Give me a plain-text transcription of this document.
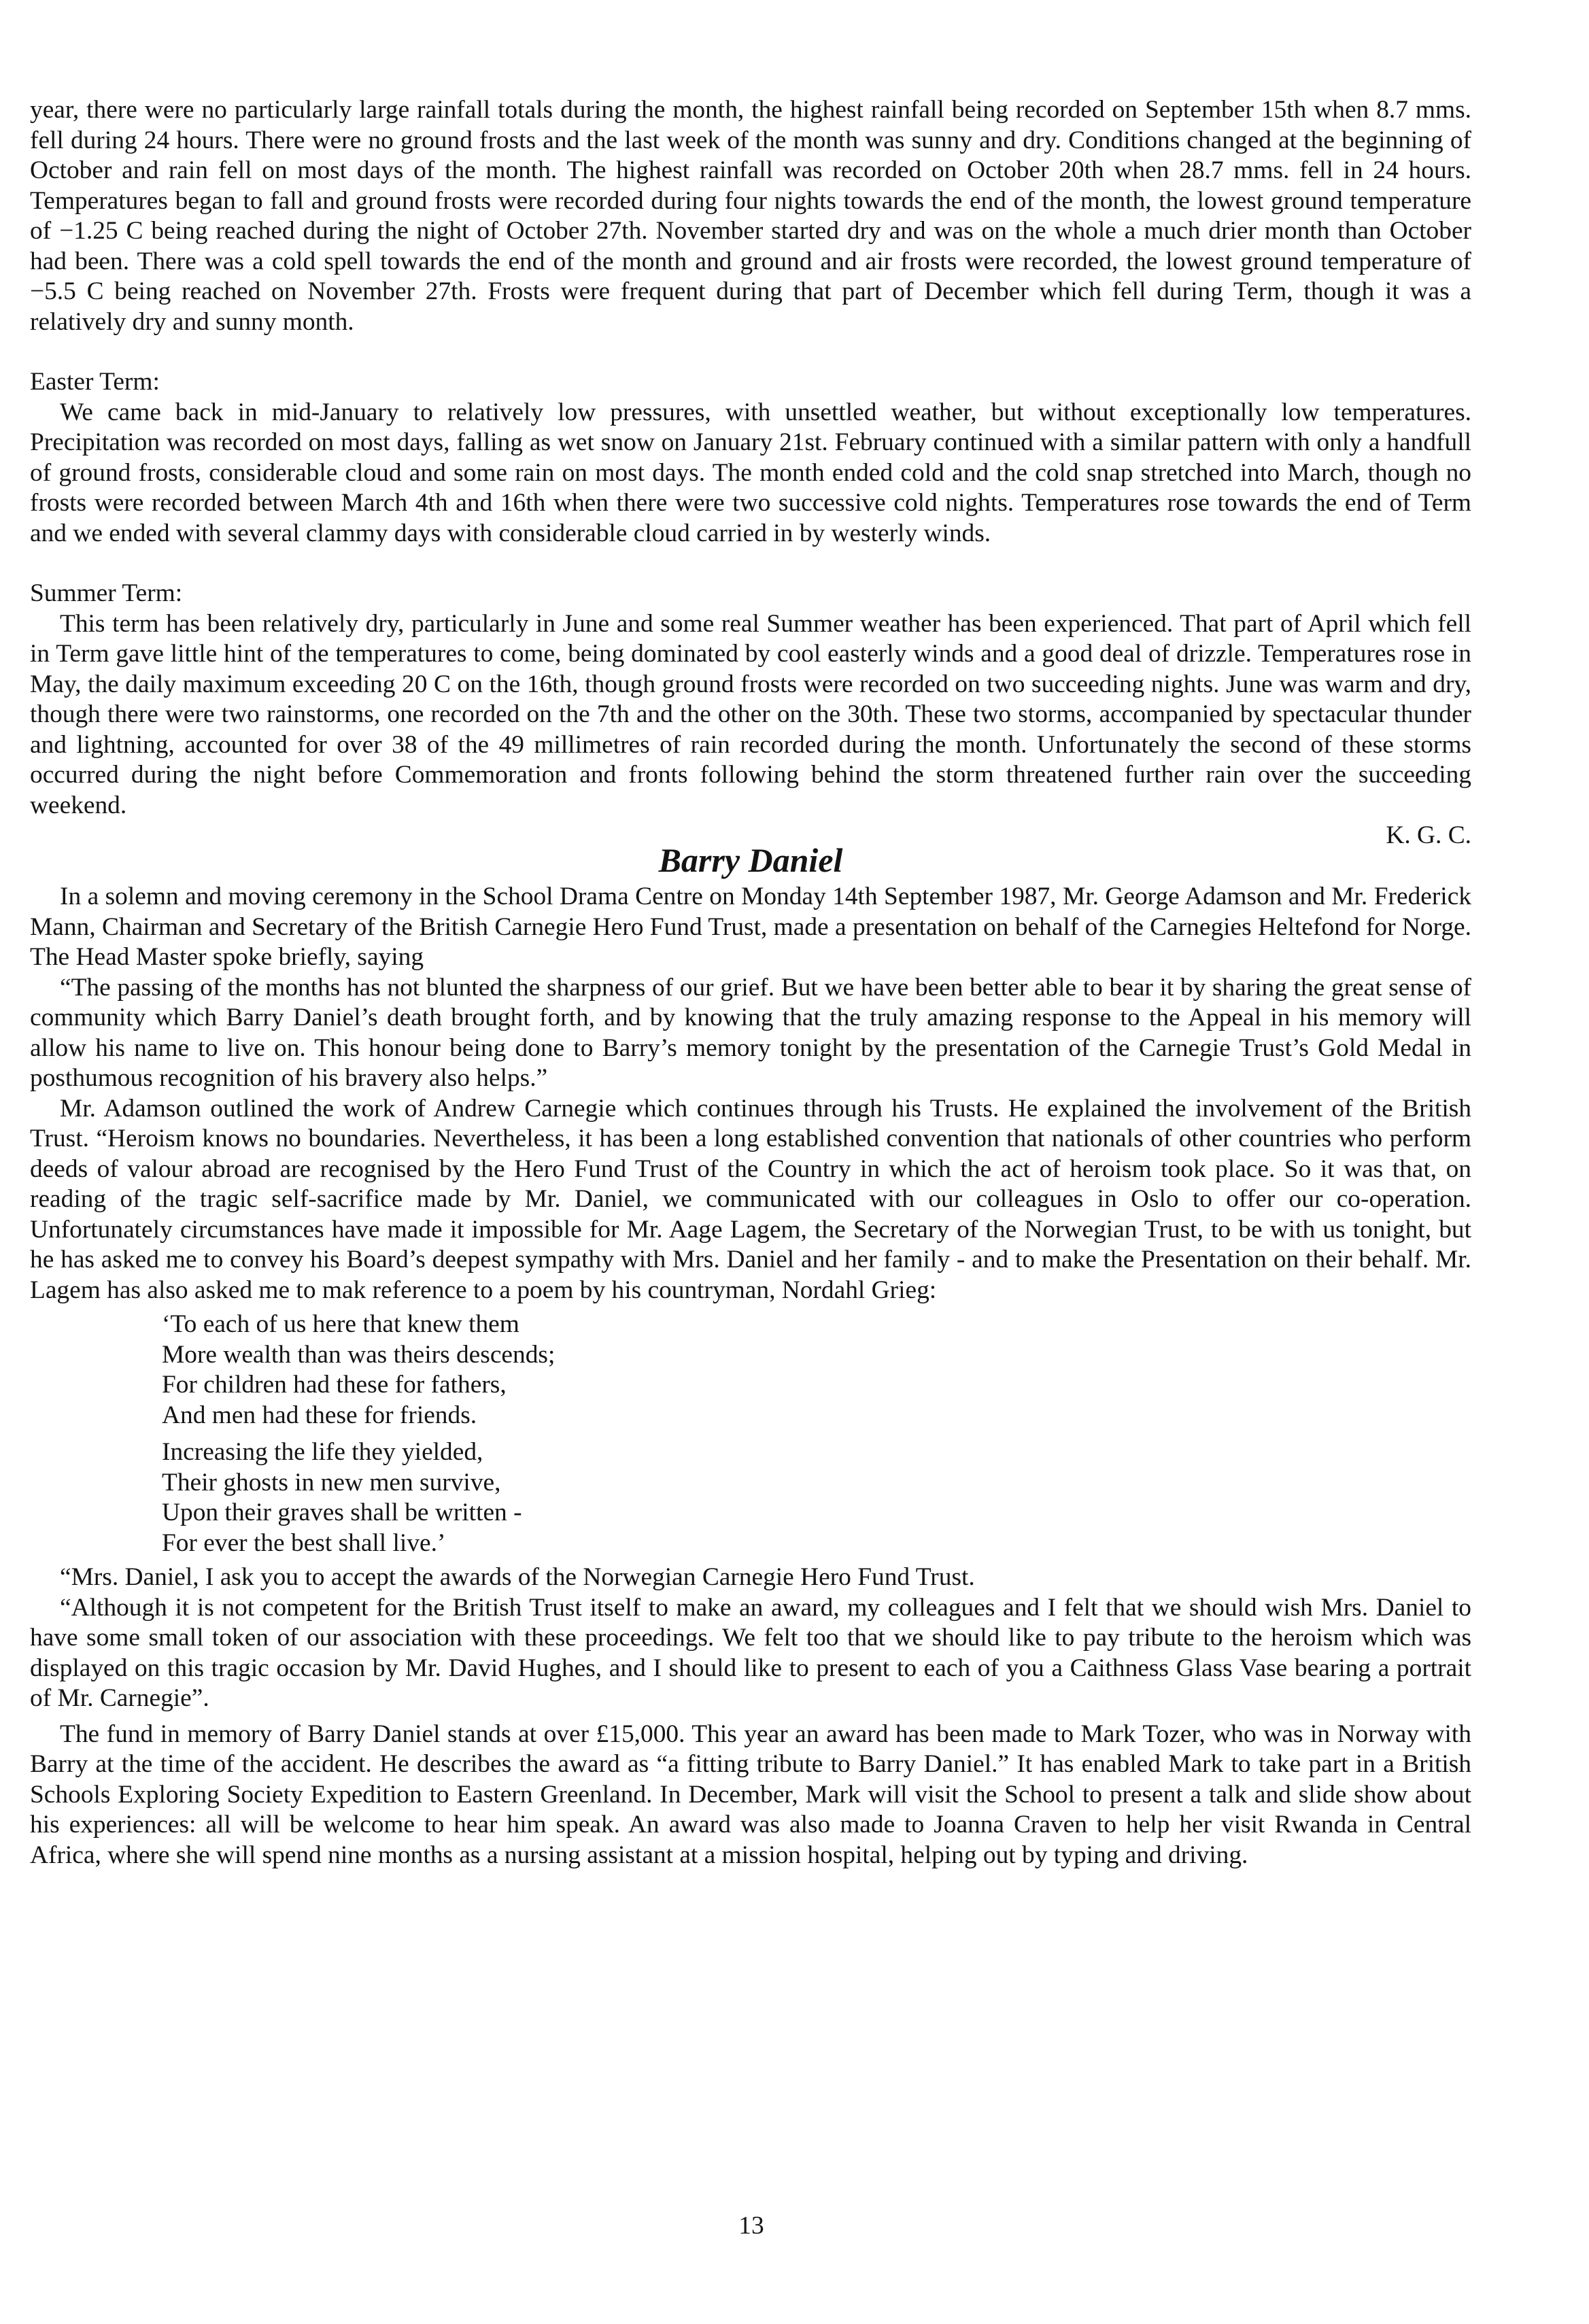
year, there were no particularly large rainfall totals during the month, the highest rainfall being recorded on September 15th when 8.7 mms. fell during 24 hours. There were no ground frosts and the last week of the month was sunny and dry. Conditions changed at the beginning of October and rain fell on most days of the month. The highest rainfall was recorded on October 20th when 28.7 mms. fell in 24 hours. Temperatures began to fall and ground frosts were recorded during four nights towards the end of the month, the lowest ground temperature of −1.25 C being reached during the night of October 27th. November started dry and was on the whole a much drier month than October had been. There was a cold spell towards the end of the month and ground and air frosts were recorded, the lowest ground temperature of −5.5 C being reached on November 27th. Frosts were frequent during that part of December which fell during Term, though it was a relatively dry and sunny month.

Easter Term:

We came back in mid-January to relatively low pressures, with unsettled weather, but without exceptionally low temperatures. Precipitation was recorded on most days, falling as wet snow on January 21st. February continued with a similar pattern with only a handfull of ground frosts, considerable cloud and some rain on most days. The month ended cold and the cold snap stretched into March, though no frosts were recorded between March 4th and 16th when there were two successive cold nights. Temperatures rose towards the end of Term and we ended with several clammy days with considerable cloud carried in by westerly winds.

Summer Term:

This term has been relatively dry, particularly in June and some real Summer weather has been experienced. That part of April which fell in Term gave little hint of the temperatures to come, being dominated by cool easterly winds and a good deal of drizzle. Temperatures rose in May, the daily maximum exceeding 20 C on the 16th, though ground frosts were recorded on two succeeding nights. June was warm and dry, though there were two rainstorms, one recorded on the 7th and the other on the 30th. These two storms, accompanied by spectacular thunder and lightning, accounted for over 38 of the 49 millimetres of rain recorded during the month. Unfortunately the second of these storms occurred during the night before Commemoration and fronts following behind the storm threatened further rain over the succeeding weekend.

K. G. C.

Barry Daniel

In a solemn and moving ceremony in the School Drama Centre on Monday 14th September 1987, Mr. George Adamson and Mr. Frederick Mann, Chairman and Secretary of the British Carnegie Hero Fund Trust, made a presentation on behalf of the Carnegies Heltefond for Norge. The Head Master spoke briefly, saying

“The passing of the months has not blunted the sharpness of our grief. But we have been better able to bear it by sharing the great sense of community which Barry Daniel’s death brought forth, and by knowing that the truly amazing response to the Appeal in his memory will allow his name to live on. This honour being done to Barry’s memory tonight by the presentation of the Carnegie Trust’s Gold Medal in posthumous recognition of his bravery also helps.”

Mr. Adamson outlined the work of Andrew Carnegie which continues through his Trusts. He explained the involvement of the British Trust. “Heroism knows no boundaries. Nevertheless, it has been a long established convention that nationals of other countries who perform deeds of valour abroad are recognised by the Hero Fund Trust of the Country in which the act of heroism took place. So it was that, on reading of the tragic self-sacrifice made by Mr. Daniel, we communicated with our colleagues in Oslo to offer our co-operation. Unfortunately circumstances have made it impossible for Mr. Aage Lagem, the Secretary of the Norwegian Trust, to be with us tonight, but he has asked me to convey his Board’s deepest sympathy with Mrs. Daniel and her family - and to make the Presentation on their behalf. Mr. Lagem has also asked me to mak reference to a poem by his countryman, Nordahl Grieg:

‘To each of us here that knew them
More wealth than was theirs descends;
For children had these for fathers,
And men had these for friends.
Increasing the life they yielded,
Their ghosts in new men survive,
Upon their graves shall be written -
For ever the best shall live.’

“Mrs. Daniel, I ask you to accept the awards of the Norwegian Carnegie Hero Fund Trust.

“Although it is not competent for the British Trust itself to make an award, my colleagues and I felt that we should wish Mrs. Daniel to have some small token of our association with these proceedings. We felt too that we should like to pay tribute to the heroism which was displayed on this tragic occasion by Mr. David Hughes, and I should like to present to each of you a Caithness Glass Vase bearing a portrait of Mr. Carnegie”.

The fund in memory of Barry Daniel stands at over £15,000. This year an award has been made to Mark Tozer, who was in Norway with Barry at the time of the accident. He describes the award as “a fitting tribute to Barry Daniel.” It has enabled Mark to take part in a British Schools Exploring Society Expedition to Eastern Greenland. In December, Mark will visit the School to present a talk and slide show about his experiences: all will be welcome to hear him speak. An award was also made to Joanna Craven to help her visit Rwanda in Central Africa, where she will spend nine months as a nursing assistant at a mission hospital, helping out by typing and driving.

13
